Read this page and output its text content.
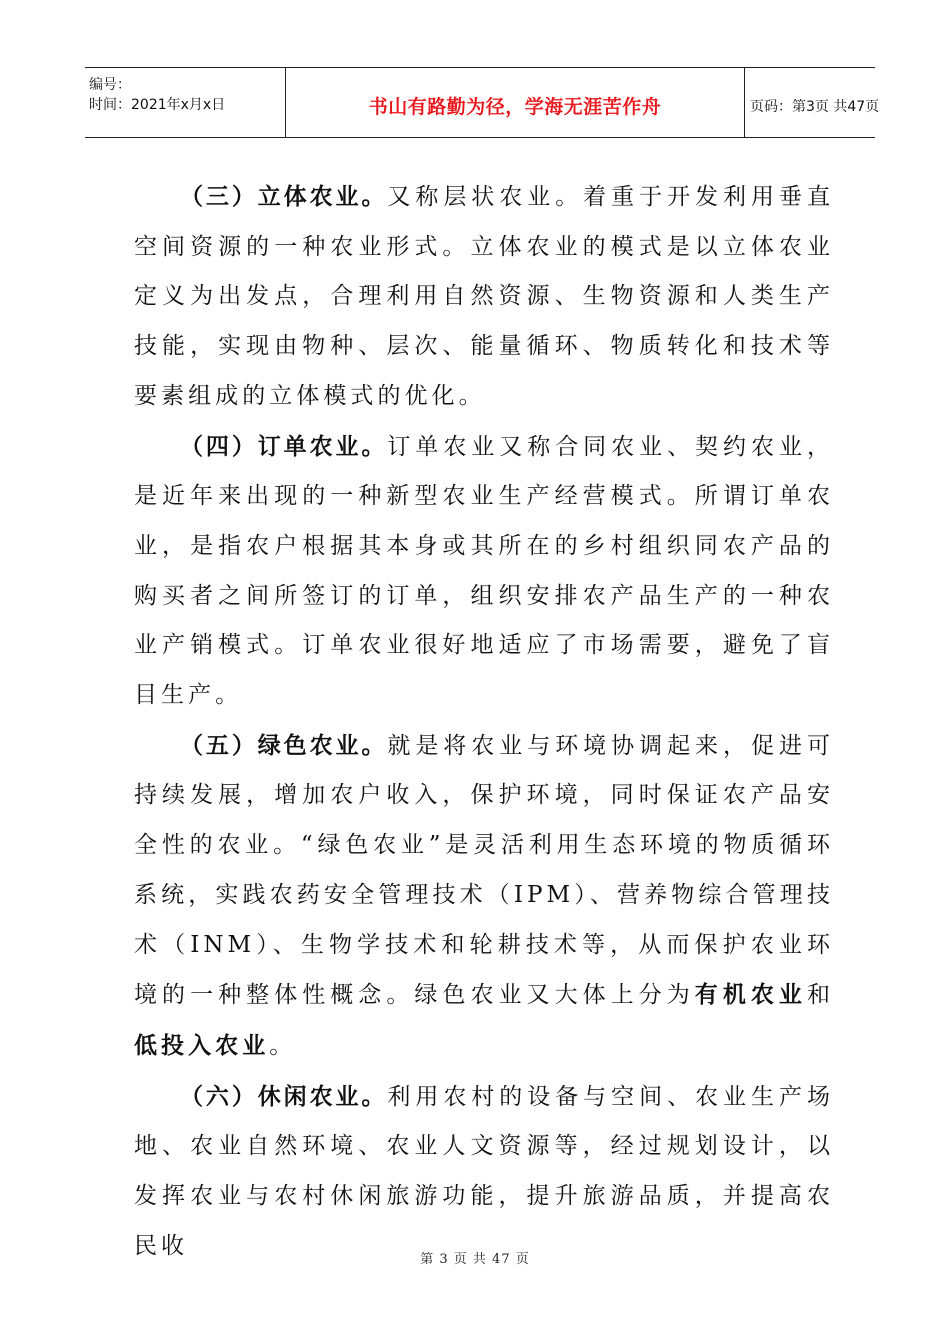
编号：
时间：2021年x月x日	书山有路勤为径，学海无涯苦作舟	页码：第3页 共47页

（三）立体农业。又称层状农业。着重于开发利用垂直空间资源的一种农业形式。立体农业的模式是以立体农业定义为出发点，合理利用自然资源、生物资源和人类生产技能，实现由物种、层次、能量循环、物质转化和技术等要素组成的立体模式的优化。

（四）订单农业。订单农业又称合同农业、契约农业，是近年来出现的一种新型农业生产经营模式。所谓订单农业，是指农户根据其本身或其所在的乡村组织同农产品的购买者之间所签订的订单，组织安排农产品生产的一种农业产销模式。订单农业很好地适应了市场需要，避免了盲目生产。

（五）绿色农业。就是将农业与环境协调起来，促进可持续发展，增加农户收入，保护环境，同时保证农产品安全性的农业。“绿色农业”是灵活利用生态环境的物质循环系统，实践农药安全管理技术（IPM）、营养物综合管理技术（INM）、生物学技术和轮耕技术等，从而保护农业环境的一种整体性概念。绿色农业又大体上分为有机农业和低投入农业。

（六）休闲农业。利用农村的设备与空间、农业生产场地、农业自然环境、农业人文资源等，经过规划设计，以发挥农业与农村休闲旅游功能，提升旅游品质，并提高农民收

第 3 页 共 47 页
